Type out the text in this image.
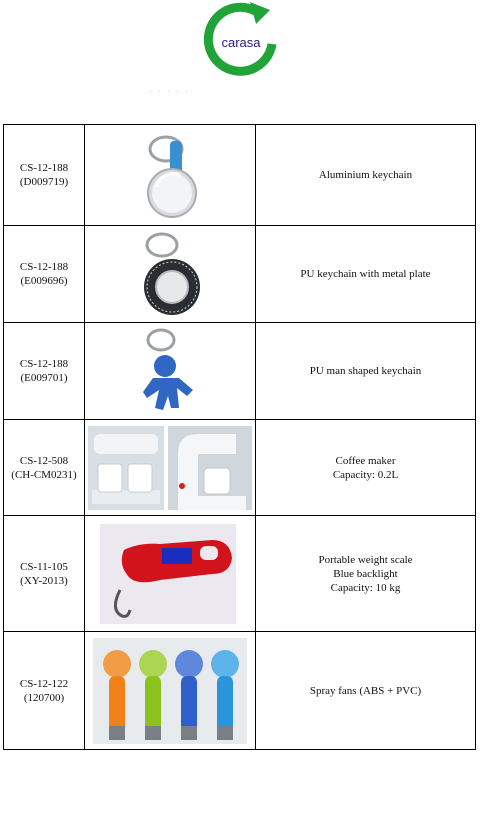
carasa
· · · · ·
CS-12-188
(D009719)		Aluminium keychain

CS-12-188
(E009696)		PU keychain with metal plate

CS-12-188
(E009701)		PU man shaped keychain

CS-12-508
(CH-CM0231)		Coffee maker
Capacity: 0.2L

CS-11-105
(XY-2013)		Portable weight scale
Blue backlight
Capacity: 10 kg

CS-12-122
(120700)		Spray fans (ABS + PVC)
